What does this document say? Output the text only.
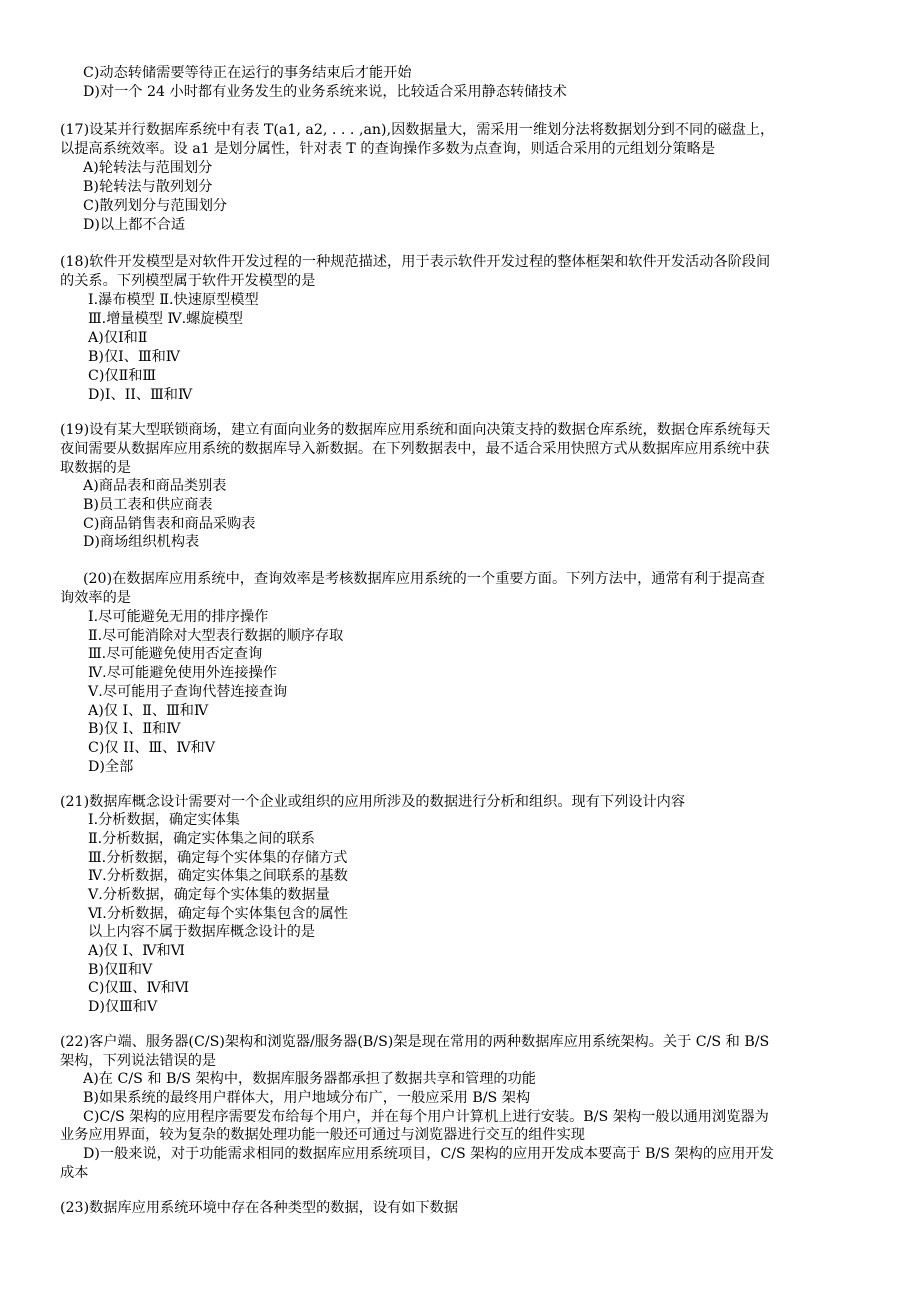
C)动态转储需要等待正在运行的事务结束后才能开始
D)对一个 24 小时都有业务发生的业务系统来说，比较适合采用静态转储技术
(17)设某并行数据库系统中有表 T(a1, a2, . . . ,an),因数据量大，需采用一维划分法将数据划分到不同的磁盘上，
以提高系统效率。设 a1 是划分属性，针对表 T 的查询操作多数为点查询，则适合采用的元组划分策略是
A)轮转法与范围划分
B)轮转法与散列划分
C)散列划分与范围划分
D)以上都不合适
(18)软件开发模型是对软件开发过程的一种规范描述，用于表示软件开发过程的整体框架和软件开发活动各阶段间
的关系。下列模型属于软件开发模型的是
Ⅰ.瀑布模型 Ⅱ.快速原型模型
Ⅲ.增量模型 Ⅳ.螺旋模型
A)仅Ⅰ和Ⅱ
B)仅Ⅰ、Ⅲ和Ⅳ
C)仅Ⅱ和Ⅲ
D)Ⅰ、II、Ⅲ和Ⅳ
(19)设有某大型联锁商场，建立有面向业务的数据库应用系统和面向决策支持的数据仓库系统，数据仓库系统每天
夜间需要从数据库应用系统的数据库导入新数据。在下列数据表中，最不适合采用快照方式从数据库应用系统中获
取数据的是
A)商品表和商品类别表
B)员工表和供应商表
C)商品销售表和商品采购表
D)商场组织机构表
(20)在数据库应用系统中，查询效率是考核数据库应用系统的一个重要方面。下列方法中，通常有利于提高查
询效率的是
Ⅰ.尽可能避免无用的排序操作
Ⅱ.尽可能消除对大型表行数据的顺序存取
Ⅲ.尽可能避免使用否定查询
Ⅳ.尽可能避免使用外连接操作
Ⅴ.尽可能用子查询代替连接查询
A)仅 I、Ⅱ、Ⅲ和Ⅳ
B)仅 I、Ⅱ和Ⅳ
C)仅 II、Ⅲ、Ⅳ和Ⅴ
D)全部
(21)数据库概念设计需要对一个企业或组织的应用所涉及的数据进行分析和组织。现有下列设计内容
Ⅰ.分析数据，确定实体集
Ⅱ.分析数据，确定实体集之间的联系
Ⅲ.分析数据，确定每个实体集的存储方式
Ⅳ.分析数据，确定实体集之间联系的基数
Ⅴ.分析数据，确定每个实体集的数据量
Ⅵ.分析数据，确定每个实体集包含的属性
以上内容不属于数据库概念设计的是
A)仅 I、Ⅳ和Ⅵ
B)仅Ⅱ和Ⅴ
C)仅Ⅲ、Ⅳ和Ⅵ
D)仅Ⅲ和Ⅴ
(22)客户端、服务器(C/S)架构和浏览器/服务器(B/S)架是现在常用的两种数据库应用系统架构。关于 C/S 和 B/S
架构，下列说法错误的是
A)在 C/S 和 B/S 架构中，数据库服务器都承担了数据共享和管理的功能
B)如果系统的最终用户群体大，用户地域分布广，一般应采用 B/S 架构
C)C/S 架构的应用程序需要发布给每个用户，并在每个用户计算机上进行安装。B/S 架构一般以通用浏览器为
业务应用界面，较为复杂的数据处理功能一般还可通过与浏览器进行交互的组件实现
D)一般来说，对于功能需求相同的数据库应用系统项目，C/S 架构的应用开发成本要高于 B/S 架构的应用开发
成本
(23)数据库应用系统环境中存在各种类型的数据，设有如下数据
